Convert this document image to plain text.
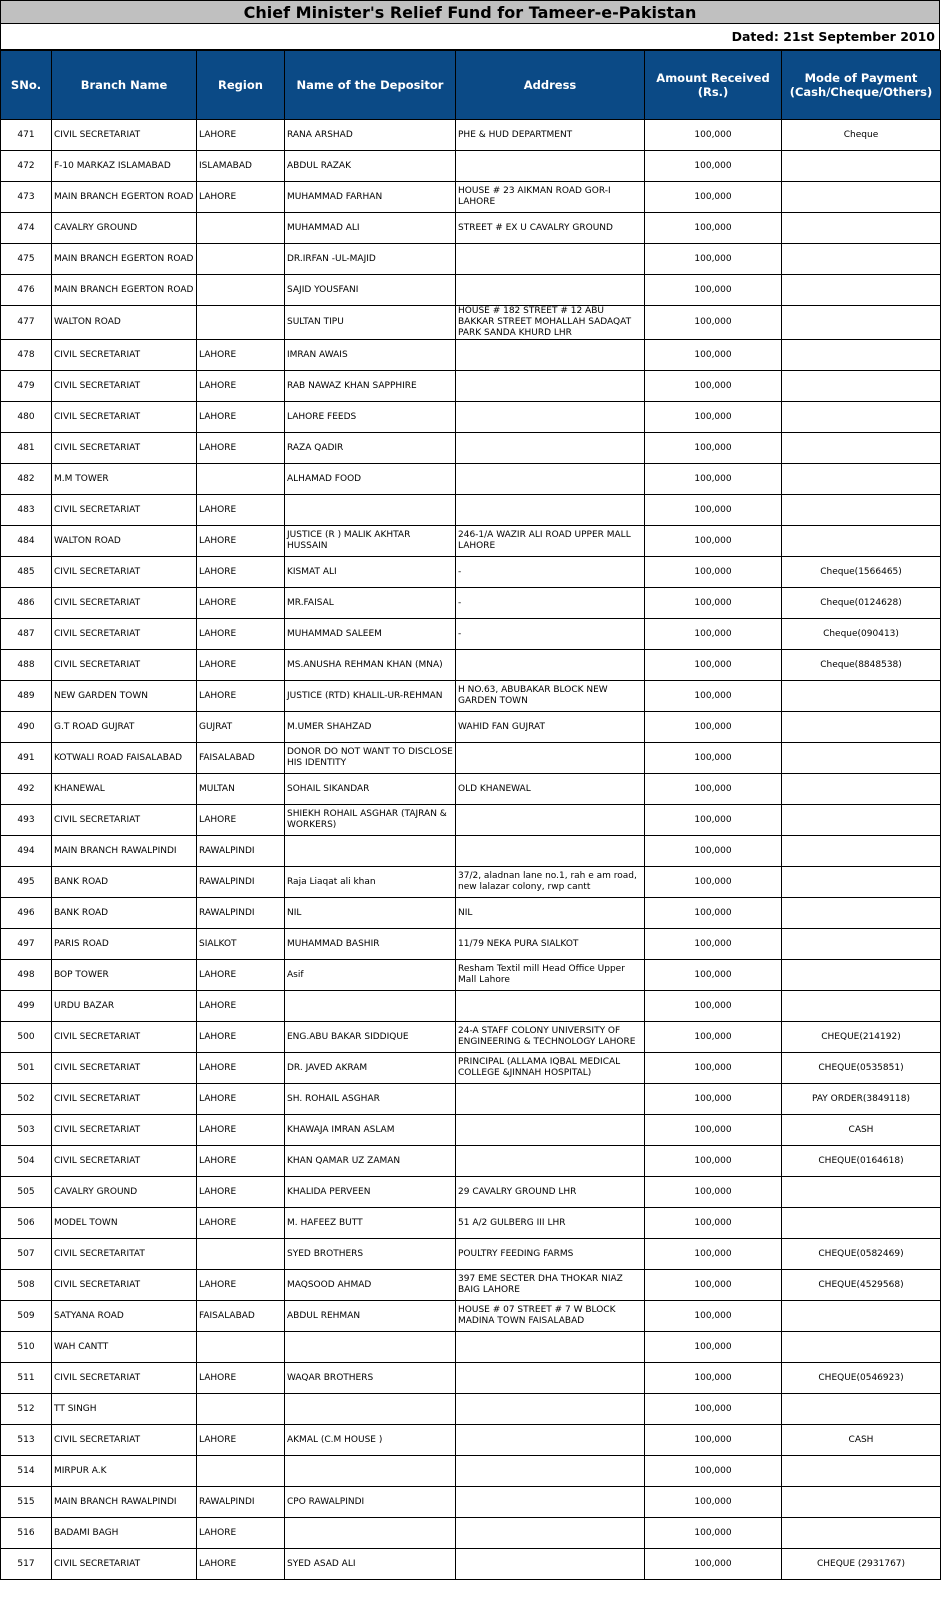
Chief Minister's Relief Fund for Tameer-e-Pakistan
Dated: 21st September 2010
SNo.	Branch Name	Region	Name of the Depositor	Address	Amount Received (Rs.)	Mode of Payment (Cash/Cheque/Others)
471	CIVIL SECRETARIAT	LAHORE	RANA ARSHAD	PHE & HUD DEPARTMENT	100,000	Cheque
472	F-10 MARKAZ ISLAMABAD	ISLAMABAD	ABDUL RAZAK		100,000	
473	MAIN BRANCH EGERTON ROAD	LAHORE	MUHAMMAD FARHAN	HOUSE # 23 AIKMAN ROAD GOR-I LAHORE	100,000	
474	CAVALRY GROUND		MUHAMMAD ALI	STREET # EX U CAVALRY GROUND	100,000	
475	MAIN BRANCH EGERTON ROAD		DR.IRFAN -UL-MAJID		100,000	
476	MAIN BRANCH EGERTON ROAD		SAJID YOUSFANI		100,000	
477	WALTON ROAD		SULTAN TIPU	HOUSE # 182 STREET # 12 ABU BAKKAR STREET MOHALLAH SADAQAT PARK SANDA KHURD LHR	100,000	
478	CIVIL SECRETARIAT	LAHORE	IMRAN AWAIS		100,000	
479	CIVIL SECRETARIAT	LAHORE	RAB NAWAZ KHAN SAPPHIRE		100,000	
480	CIVIL SECRETARIAT	LAHORE	LAHORE FEEDS		100,000	
481	CIVIL SECRETARIAT	LAHORE	RAZA QADIR		100,000	
482	M.M TOWER		ALHAMAD FOOD		100,000	
483	CIVIL SECRETARIAT	LAHORE			100,000	
484	WALTON ROAD	LAHORE	JUSTICE (R ) MALIK AKHTAR HUSSAIN	246-1/A WAZIR ALI ROAD UPPER MALL LAHORE	100,000	
485	CIVIL SECRETARIAT	LAHORE	KISMAT ALI	-	100,000	Cheque(1566465)
486	CIVIL SECRETARIAT	LAHORE	MR.FAISAL	-	100,000	Cheque(0124628)
487	CIVIL SECRETARIAT	LAHORE	MUHAMMAD SALEEM	-	100,000	Cheque(090413)
488	CIVIL SECRETARIAT	LAHORE	MS.ANUSHA REHMAN KHAN (MNA)		100,000	Cheque(8848538)
489	NEW GARDEN TOWN	LAHORE	JUSTICE (RTD) KHALIL-UR-REHMAN	H NO.63, ABUBAKAR BLOCK NEW GARDEN TOWN	100,000	
490	G.T ROAD GUJRAT	GUJRAT	M.UMER SHAHZAD	WAHID FAN GUJRAT	100,000	
491	KOTWALI ROAD FAISALABAD	FAISALABAD	DONOR DO NOT WANT TO DISCLOSE HIS IDENTITY		100,000	
492	KHANEWAL	MULTAN	SOHAIL SIKANDAR	OLD KHANEWAL	100,000	
493	CIVIL SECRETARIAT	LAHORE	SHIEKH ROHAIL ASGHAR (TAJRAN & WORKERS)		100,000	
494	MAIN BRANCH RAWALPINDI	RAWALPINDI			100,000	
495	BANK ROAD	RAWALPINDI	Raja Liaqat ali khan	37/2, aladnan lane no.1, rah e am road, new lalazar colony, rwp cantt	100,000	
496	BANK ROAD	RAWALPINDI	NIL	NIL	100,000	
497	PARIS ROAD	SIALKOT	MUHAMMAD BASHIR	11/79 NEKA PURA SIALKOT	100,000	
498	BOP TOWER	LAHORE	Asif	Resham Textil mill Head Office Upper Mall Lahore	100,000	
499	URDU BAZAR	LAHORE			100,000	
500	CIVIL SECRETARIAT	LAHORE	ENG.ABU BAKAR SIDDIQUE	24-A STAFF COLONY UNIVERSITY OF ENGINEERING & TECHNOLOGY LAHORE	100,000	CHEQUE(214192)
501	CIVIL SECRETARIAT	LAHORE	DR. JAVED AKRAM	PRINCIPAL (ALLAMA IQBAL MEDICAL COLLEGE &JINNAH HOSPITAL)	100,000	CHEQUE(0535851)
502	CIVIL SECRETARIAT	LAHORE	SH. ROHAIL ASGHAR		100,000	PAY ORDER(3849118)
503	CIVIL SECRETARIAT	LAHORE	KHAWAJA IMRAN ASLAM		100,000	CASH
504	CIVIL SECRETARIAT	LAHORE	KHAN QAMAR UZ ZAMAN		100,000	CHEQUE(0164618)
505	CAVALRY GROUND	LAHORE	KHALIDA PERVEEN	29 CAVALRY GROUND LHR	100,000	
506	MODEL TOWN	LAHORE	M. HAFEEZ BUTT	51 A/2 GULBERG III LHR	100,000	
507	CIVIL SECRETARITAT		SYED BROTHERS	POULTRY FEEDING FARMS	100,000	CHEQUE(0582469)
508	CIVIL SECRETARIAT	LAHORE	MAQSOOD AHMAD	397 EME SECTER DHA THOKAR NIAZ BAIG LAHORE	100,000	CHEQUE(4529568)
509	SATYANA ROAD	FAISALABAD	ABDUL REHMAN	HOUSE # 07 STREET # 7 W BLOCK MADINA TOWN FAISALABAD	100,000	
510	WAH CANTT				100,000	
511	CIVIL SECRETARIAT	LAHORE	WAQAR BROTHERS		100,000	CHEQUE(0546923)
512	TT SINGH				100,000	
513	CIVIL SECRETARIAT	LAHORE	AKMAL (C.M HOUSE )		100,000	CASH
514	MIRPUR A.K				100,000	
515	MAIN BRANCH RAWALPINDI	RAWALPINDI	CPO RAWALPINDI		100,000	
516	BADAMI BAGH	LAHORE			100,000	
517	CIVIL SECRETARIAT	LAHORE	SYED ASAD ALI		100,000	CHEQUE (2931767)
